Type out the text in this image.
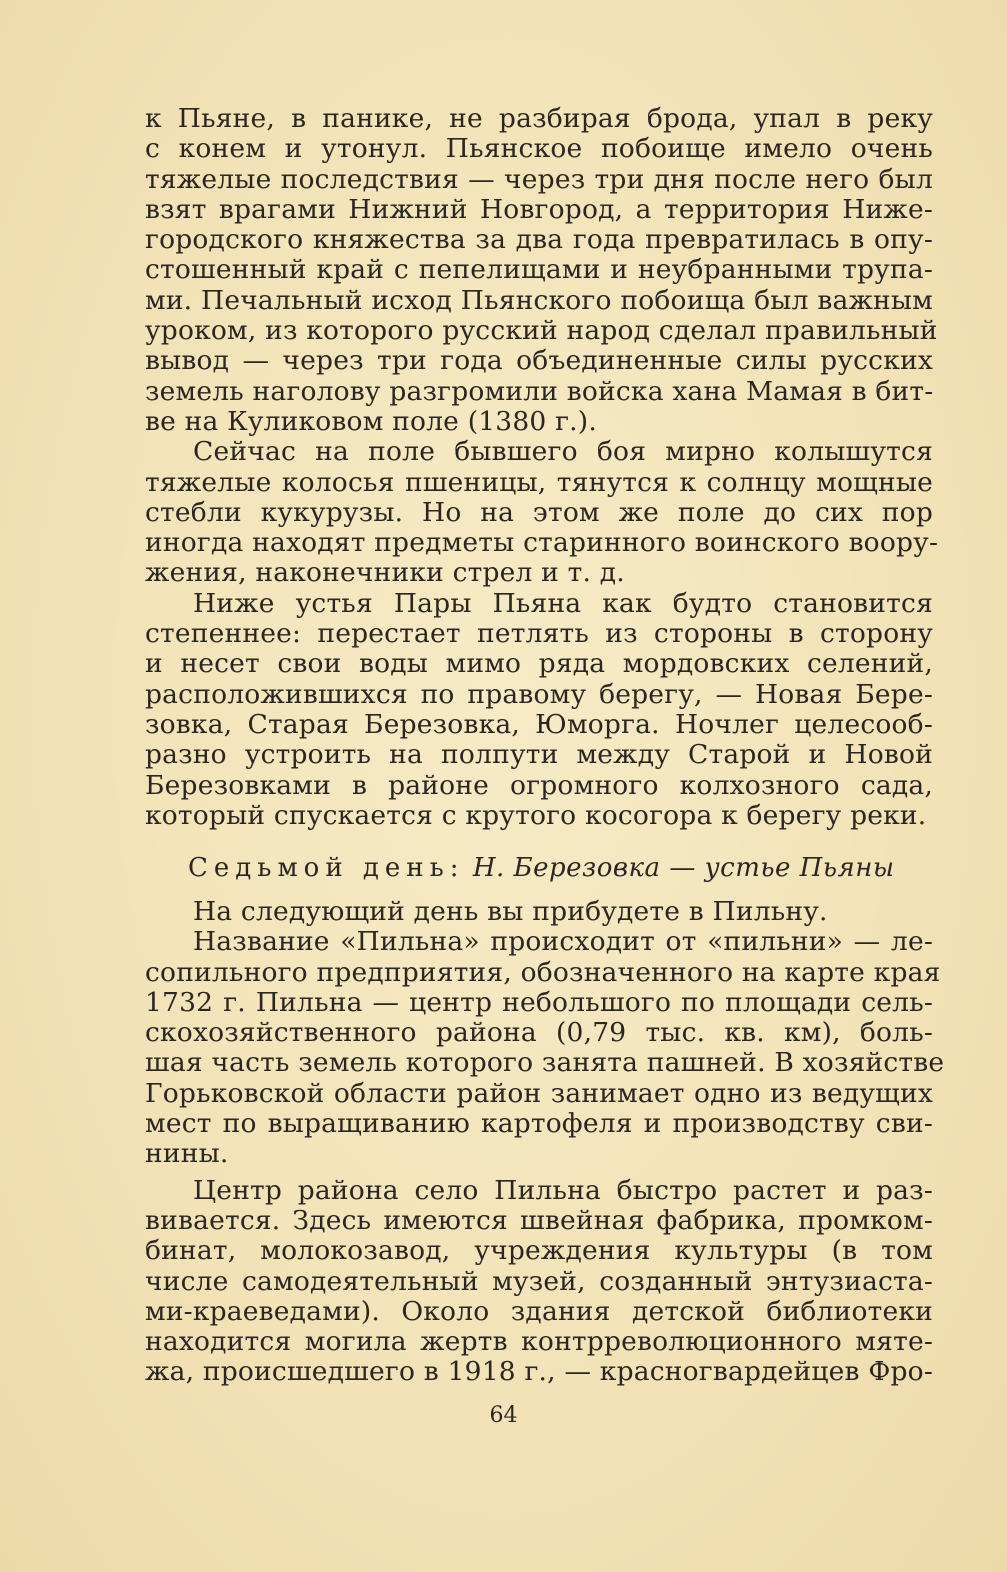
к Пьяне, в панике, не разбирая брода, упал в реку
с конем и утонул. Пьянское побоище имело очень
тяжелые последствия — через три дня после него был
взят врагами Нижний Новгород, а территория Ниже-
городского княжества за два года превратилась в опу-
стошенный край с пепелищами и неубранными трупа-
ми. Печальный исход Пьянского побоища был важным
уроком, из которого русский народ сделал правильный
вывод — через три года объединенные силы русских
земель наголову разгромили войска хана Мамая в бит-
ве на Куликовом поле (1380 г.).
Сейчас на поле бывшего боя мирно колышутся
тяжелые колосья пшеницы, тянутся к солнцу мощные
стебли кукурузы. Но на этом же поле до сих пор
иногда находят предметы старинного воинского воору-
жения, наконечники стрел и т. д.
Ниже устья Пары Пьяна как будто становится
степеннее: перестает петлять из стороны в сторону
и несет свои воды мимо ряда мордовских селений,
расположившихся по правому берегу, — Новая Бере-
зовка, Старая Березовка, Юморга. Ночлег целесооб-
разно устроить на полпути между Старой и Новой
Березовками в районе огромного колхозного сада,
который спускается с крутого косогора к берегу реки.
Седьмой день: Н. Березовка — устье Пьяны
На следующий день вы прибудете в Пильну.
Название «Пильна» происходит от «пильни» — ле-
сопильного предприятия, обозначенного на карте края
1732 г. Пильна — центр небольшого по площади сель-
скохозяйственного района (0,79 тыс. кв. км), боль-
шая часть земель которого занята пашней. В хозяйстве
Горьковской области район занимает одно из ведущих
мест по выращиванию картофеля и производству сви-
нины.
Центр района село Пильна быстро растет и раз-
вивается. Здесь имеются швейная фабрика, промком-
бинат, молокозавод, учреждения культуры (в том
числе самодеятельный музей, созданный энтузиаста-
ми-краеведами). Около здания детской библиотеки
находится могила жертв контрреволюционного мяте-
жа, происшедшего в 1918 г., — красногвардейцев Фро-
64
